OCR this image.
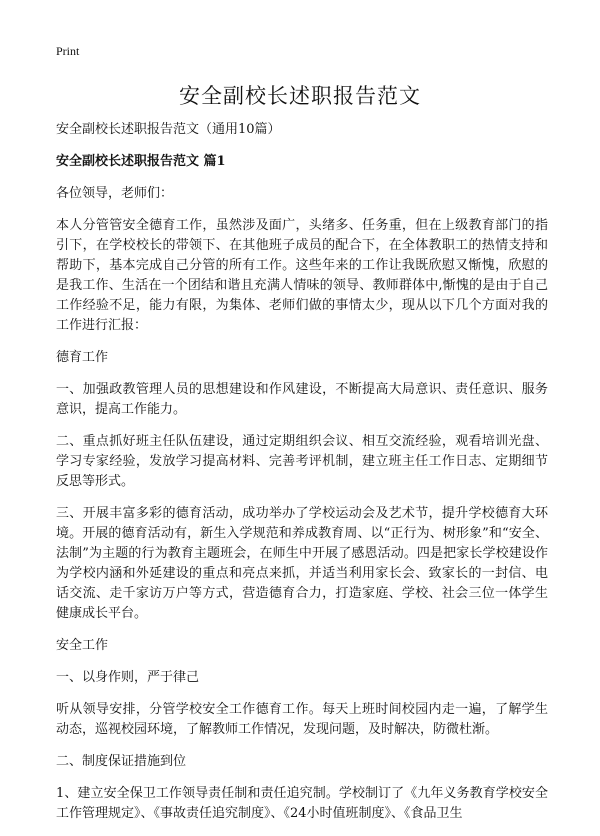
Print
安全副校长述职报告范文

安全副校长述职报告范文（通用10篇）

安全副校长述职报告范文 篇1

各位领导，老师们：

本人分管管安全德育工作，虽然涉及面广，头绪多、任务重，但在上级教育部门的指引下，在学校校长的带领下、在其他班子成员的配合下，在全体教职工的热情支持和帮助下，基本完成自己分管的所有工作。这些年来的工作让我既欣慰又惭愧，欣慰的是我工作、生活在一个团结和谐且充满人情味的领导、教师群体中,惭愧的是由于自己工作经验不足，能力有限，为集体、老师们做的事情太少，现从以下几个方面对我的工作进行汇报：

德育工作

一、加强政教管理人员的思想建设和作风建设，不断提高大局意识、责任意识、服务意识，提高工作能力。

二、重点抓好班主任队伍建设，通过定期组织会议、相互交流经验，观看培训光盘、学习专家经验，发放学习提高材料、完善考评机制，建立班主任工作日志、定期细节反思等形式。

三、开展丰富多彩的德育活动，成功举办了学校运动会及艺术节，提升学校德育大环境。开展的德育活动有，新生入学规范和养成教育周、以“正行为、树形象”和“安全、法制”为主题的行为教育主题班会，在师生中开展了感恩活动。四是把家长学校建设作为学校内涵和外延建设的重点和亮点来抓，并适当利用家长会、致家长的一封信、电话交流、走千家访万户等方式，营造德育合力，打造家庭、学校、社会三位一体学生健康成长平台。

安全工作

一、以身作则，严于律己

听从领导安排，分管学校安全工作德育工作。每天上班时间校园内走一遍，了解学生动态，巡视校园环境，了解教师工作情况，发现问题，及时解决，防微杜渐。

二、制度保证措施到位

1、建立安全保卫工作领导责任制和责任追究制。学校制订了《九年义务教育学校安全工作管理规定》、《事故责任追究制度》、《24小时值班制度》、《食品卫生
